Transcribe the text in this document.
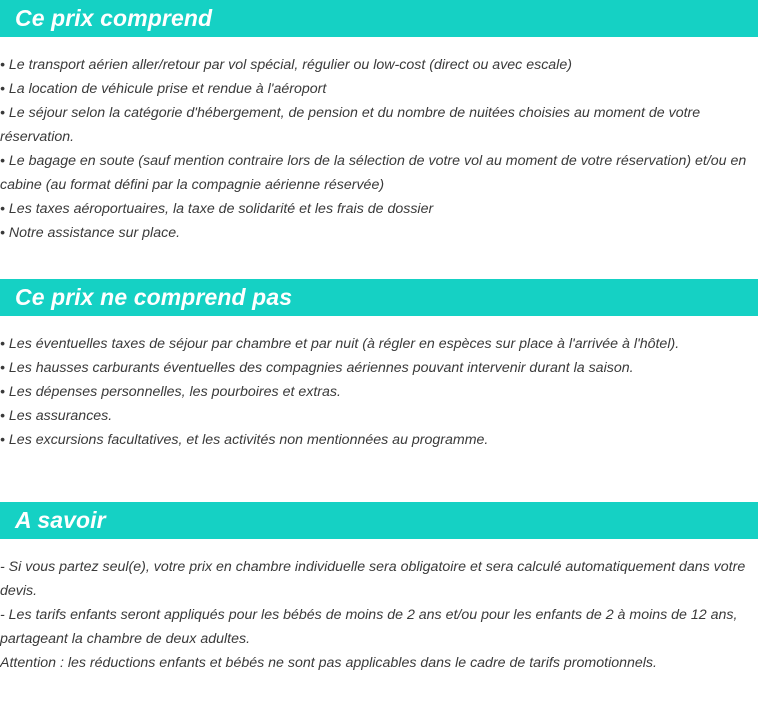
Ce prix comprend

• Le transport aérien aller/retour par vol spécial, régulier ou low-cost (direct ou avec escale)

• La location de véhicule prise et rendue à l'aéroport

• Le séjour selon la catégorie d'hébergement, de pension et du nombre de nuitées choisies au moment de votre réservation.

• Le bagage en soute (sauf mention contraire lors de la sélection de votre vol au moment de votre réservation) et/ou en cabine (au format défini par la compagnie aérienne réservée)

• Les taxes aéroportuaires, la taxe de solidarité et les frais de dossier

• Notre assistance sur place.

Ce prix ne comprend pas

• Les éventuelles taxes de séjour par chambre et par nuit (à régler en espèces sur place à l'arrivée à l'hôtel).

• Les hausses carburants éventuelles des compagnies aériennes pouvant intervenir durant la saison.

• Les dépenses personnelles, les pourboires et extras.

• Les assurances.

• Les excursions facultatives, et les activités non mentionnées au programme.

A savoir

- Si vous partez seul(e), votre prix en chambre individuelle sera obligatoire et sera calculé automatiquement dans votre devis.

- Les tarifs enfants seront appliqués pour les bébés de moins de 2 ans et/ou pour les enfants de 2 à moins de 12 ans, partageant la chambre de deux adultes.

Attention : les réductions enfants et bébés ne sont pas applicables dans le cadre de tarifs promotionnels.
